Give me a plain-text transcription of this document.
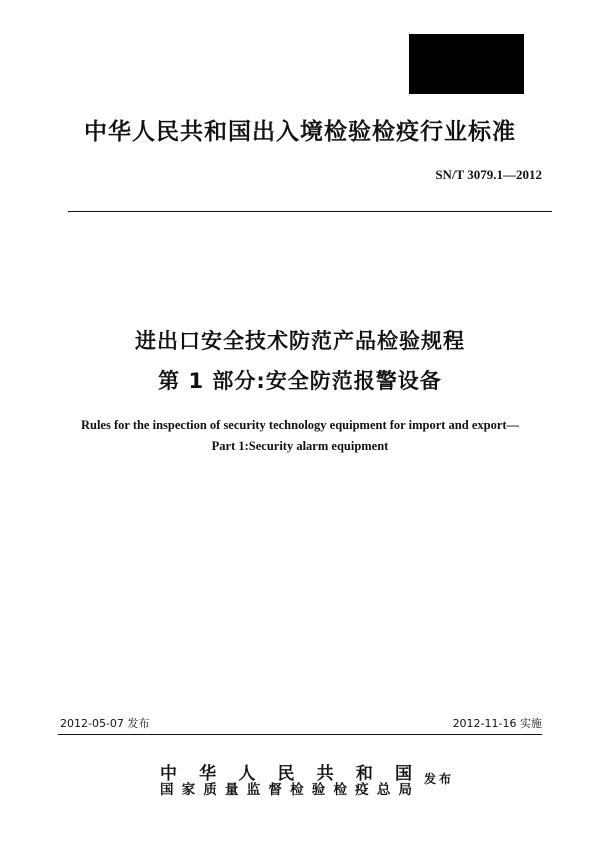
中华人民共和国出入境检验检疫行业标准
SN/T 3079.1—2012
进出口安全技术防范产品检验规程
第 1 部分:安全防范报警设备
Rules for the inspection of security technology equipment for import and export—
Part 1:Security alarm equipment
2012-05-07 发布	2012-11-16 实施
中华人民共和国
国家质量监督检验检疫总局
发布
